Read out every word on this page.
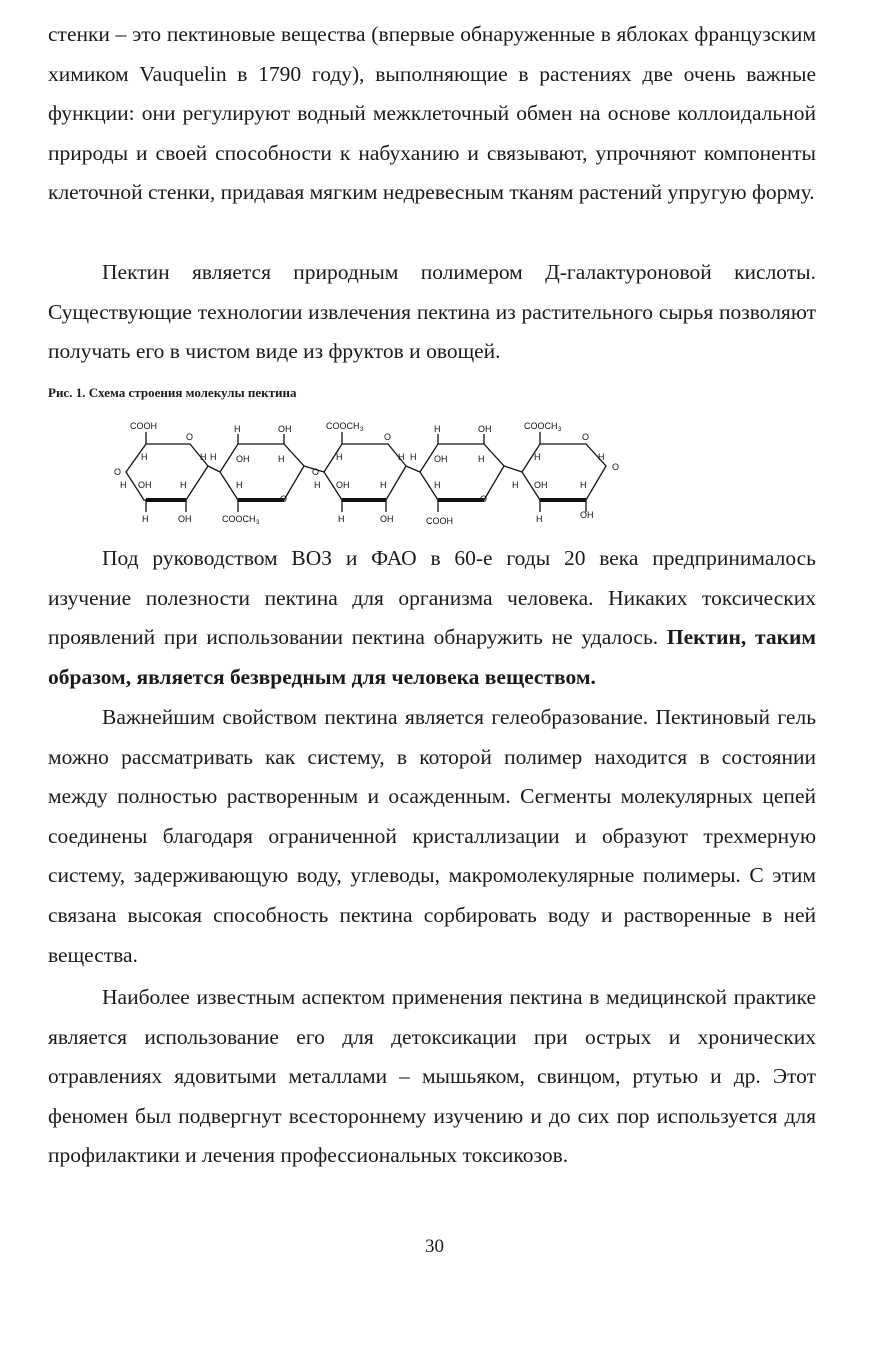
стенки – это пектиновые вещества (впервые обнаруженные в яблоках французским химиком Vauquelin в 1790 году), выполняющие в растениях две очень важные функции: они регулируют водный межклеточный обмен на основе коллоидальной природы и своей способности к набуханию и связывают, упрочняют компоненты клеточной стенки, придавая мягким недревесным тканям растений упругую форму.

Пектин является природным полимером Д-галактуроновой кислоты. Существующие технологии извлечения пектина из растительного сырья позволяют получать его в чистом виде из фруктов и овощей.

Рис. 1. Схема строения молекулы пектина

COOH
H
O
H
O
H OH	H
H	OH
H	OH
OH	H
H
H
O
COOCH 3
COOCH 3
H
O
H
O
H OH	H
H	OH
H	OH
OH	H
H
H
O
COOH
COOCH 3
H
O
H
H OH	H
O
H	OH

Под руководством ВОЗ и ФАО в 60-е годы 20 века предпринималось изучение полезности пектина для организма человека. Никаких токсических проявлений при использовании пектина обнаружить не удалось. Пектин, таким образом, является безвредным для человека веществом.

Важнейшим свойством пектина является гелеобразование. Пектиновый гель можно рассматривать как систему, в которой полимер находится в состоянии между полностью растворенным и осажденным. Сегменты молекулярных цепей соединены благодаря ограниченной кристаллизации и образуют трехмерную систему, задерживающую воду, углеводы, макромолекулярные полимеры. С этим связана высокая способность пектина сорбировать воду и растворенные в ней вещества.

Наиболее известным аспектом применения пектина в медицинской практике является использование его для детоксикации при острых и хронических отравлениях ядовитыми металлами – мышьяком, свинцом, ртутью и др. Этот феномен был подвергнут всестороннему изучению и до сих пор используется для профилактики и лечения профессиональных токсикозов.

30
